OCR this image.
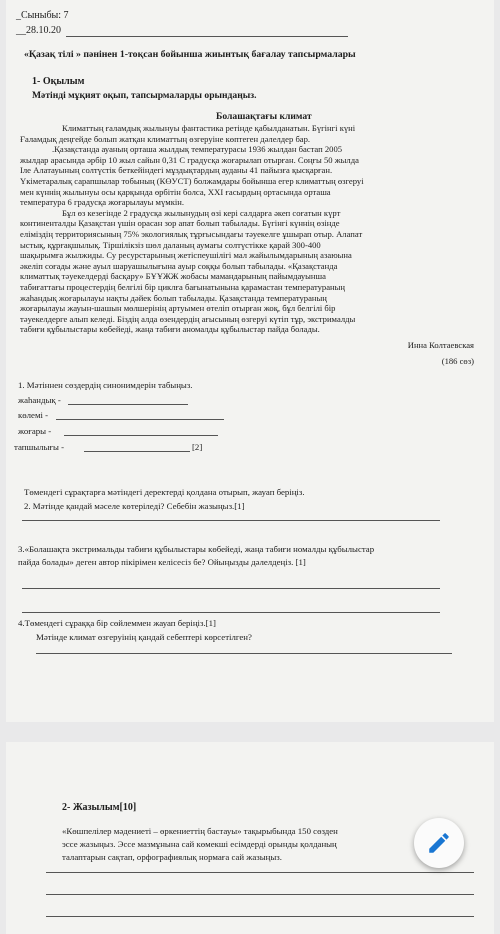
_Сыныбы: 7
__28.10.20
«Қазақ тілі » пәнінен 1-тоқсан бойынша жиынтық бағалау тапсырмалары
1- Оқылым
Мәтінді мұқият оқып, тапсырмаларды орындаңыз.
Болашақтағы климат
Климаттың ғаламдық жылынуы фантастика ретінде қабылданатын. Бүгінгі күні
Ғаламдық деңгейде болып жатқан климаттың өзгеруіне көптеген дәлелдер бар.
.Қазақстанда ауаның орташа жылдық температурасы 1936 жылдан бастап 2005
жылдар арасында әрбір 10 жыл сайын 0,31 С градусқа жоғарылап отырған. Соңғы 50 жылда
Іле Алатауының солтүстік беткейіндегі мұздықтардың ауданы 41 пайызға қысқарған.
Үкіметаралық сарапшылар тобының (КӨУСТ) болжамдары бойынша егер климаттың өзгеруі
мен күннің жылынуы осы қарқында өрбітін болса, XXI ғасырдың ортасында орташа
температура 6 градусқа жоғарылауы мүмкін.
Бұл өз кезегінде 2 градусқа жылынудың өзі кері салдарға әкеп соғатын күрт
континенталды Қазақстан үшін орасан зор апат болып табылады. Бүгінгі күннің өзінде
еліміздің территориясының 75% экологиялық тұрғысындағы тәуекелге ұшырап отыр. Алапат
ыстық, құрғақшылық. Тіршілікзіз шөл даланың аумағы солтүстікке қарай 300-400
шақырымға жылжиды. Су ресурстарының жетіспеушілігі мал жайылымдарының азаюына
әкеліп соғады және ауыл шаруашылығына ауыр соққы болып табылады. «Қазақстанда
климаттық тәуекелдерді басқару» БҰҰЖЖ жобасы мамандарының пайымдауынша
табиғаттағы процестердің белгілі бір циклға бағынатынына қарамастан температураның
жаһандық жоғарылауы нақты дәйек болып табылады. Қазақстанда температураның
жоғарылауы жауын-шашын мөлшерінің артуымен өтеліп отырған жоқ, бұл белгілі бір
тәуекелдерге алып келеді. Біздің алда өзендердің ағысының өзгеруі күтіп тұр, экстрималды
табиғи құбылыстары көбейеді, жаңа табиғи аномалды құбылыстар пайда болады.
Инна Колтаевская
(186 сөз)
1. Мәтіннен сөздердің синонимдерін табыңыз.
жаһандық -
көлемі -
жоғары -
тапшылығы -	[2]
Төмендегі сұрақтарға мәтіндегі деректерді қолдана отырып, жауап беріңіз.
2. Мәтінде қандай мәселе көтеріледі? Себебін жазыңыз.[1]
3.«Болашақта экстримальды табиғи құбылыстары көбейеді, жаңа табиғи номалды құбылыстар
пайда болады» деген автор пікірімен келісесіз бе? Ойыңызды дәлелдеңіз. [1]
4.Төмендегі сұраққа бір сөйлеммен жауап беріңіз.[1]
Мәтінде климат өзгеруінің қандай себептері көрсетілген?
2- Жазылым[10]
«Көшпелілер мәдениеті – өркениеттің бастауы» тақырыбында 150 сөзден
эссе жазыңыз. Эссе мазмұнына сай көмекші есімдерді орынды қолданың
талаптарын сақтап, орфографиялық нормаға сай жазыңыз.
